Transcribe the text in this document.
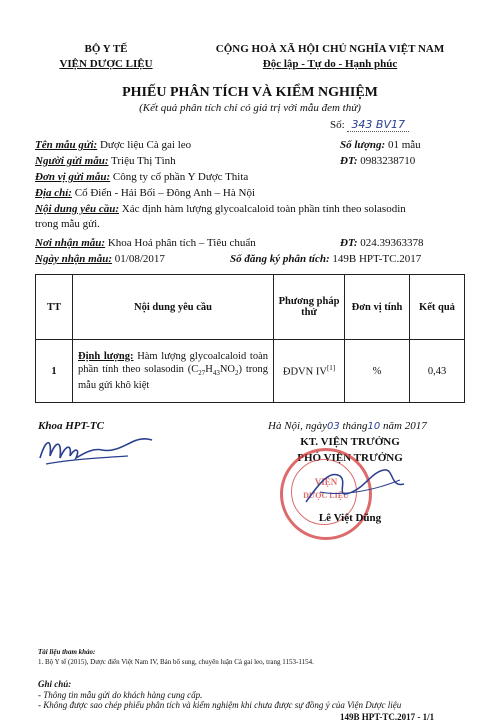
BỘ Y TẾ
VIỆN DƯỢC LIỆU
CỘNG HOÀ XÃ HỘI CHỦ NGHĨA VIỆT NAM
Độc lập - Tự do - Hạnh phúc
PHIẾU PHÂN TÍCH VÀ KIỂM NGHIỆM
(Kết quả phân tích chỉ có giá trị với mẫu đem thử)
Số: 343 BV17
Tên mẫu gửi: Dược liệu Cà gai leo	Số lượng: 01 mẫu
Người gửi mẫu: Triệu Thị Tình	ĐT: 0983238710
Đơn vị gửi mẫu: Công ty cổ phần Y Dược Thita
Địa chỉ: Cổ Điển - Hải Bối – Đông Anh – Hà Nội
Nội dung yêu cầu: Xác định hàm lượng glycoalcaloid toàn phần tính theo solasodin
trong mẫu gửi.
Nơi nhận mẫu: Khoa Hoá phân tích – Tiêu chuẩn	ĐT: 024.39363378
Ngày nhận mẫu: 01/08/2017	Số đăng ký phân tích: 149B HPT-TC.2017
TT	Nội dung yêu cầu	Phương pháp thử	Đơn vị tính	Kết quả
1	Định lượng: Hàm lượng glycoalcaloid toàn phần tính theo solasodin $(C_{27}H_{43}NO_2)$ trong mẫu gửi khô kiệt	ĐDVN IV[1]	%	0,43
Khoa HPT-TC	Hà Nội, ngày03 tháng10 năm 2017
KT. VIỆN TRƯỞNG
PHÓ VIỆN TRƯỞNG
VIỆN
DƯỢC LIỆU
Lê Việt Dũng
Tài liệu tham khảo:
1. Bộ Y tế (2015), Dược điển Việt Nam IV, Bản bổ sung, chuyên luận Cà gai leo, trang 1153-1154.
Ghi chú:
- Thông tin mẫu gửi do khách hàng cung cấp.
- Không được sao chép phiếu phân tích và kiểm nghiệm khi chưa được sự đồng ý của Viện Dược liệu
149B HPT-TC.2017 - 1/1
